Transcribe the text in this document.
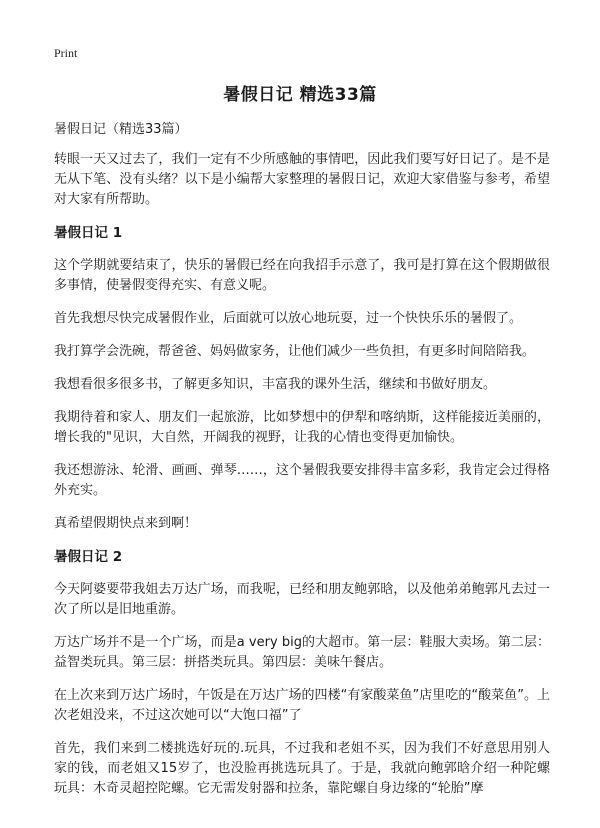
Print
暑假日记 精选33篇

暑假日记（精选33篇）

转眼一天又过去了，我们一定有不少所感触的事情吧，因此我们要写好日记了。是不是无从下笔、没有头绪？以下是小编帮大家整理的暑假日记，欢迎大家借鉴与参考，希望对大家有所帮助。

暑假日记 1

这个学期就要结束了，快乐的暑假已经在向我招手示意了，我可是打算在这个假期做很多事情，使暑假变得充实、有意义呢。

首先我想尽快完成暑假作业，后面就可以放心地玩耍，过一个快快乐乐的暑假了。

我打算学会洗碗，帮爸爸、妈妈做家务，让他们减少一些负担，有更多时间陪陪我。

我想看很多很多书，了解更多知识，丰富我的课外生活，继续和书做好朋友。

我期待着和家人、朋友们一起旅游，比如梦想中的伊犁和喀纳斯，这样能接近美丽的，增长我的"见识，大自然，开阔我的视野，让我的心情也变得更加愉快。

我还想游泳、轮滑、画画、弹琴……，这个暑假我要安排得丰富多彩，我肯定会过得格外充实。

真希望假期快点来到啊！

暑假日记 2

今天阿婆要带我姐去万达广场，而我呢，已经和朋友鲍郭晗，以及他弟弟鲍郭凡去过一次了所以是旧地重游。

万达广场并不是一个广场，而是a very big的大超市。第一层：鞋服大卖场。第二层：益智类玩具。第三层：拼搭类玩具。第四层：美味午餐店。

在上次来到万达广场时，午饭是在万达广场的四楼“有家酸菜鱼”店里吃的“酸菜鱼”。上次老姐没来，不过这次她可以“大饱口福”了

首先，我们来到二楼挑选好玩的.玩具，不过我和老姐不买，因为我们不好意思用别人家的钱，而老姐又15岁了，也没脸再挑选玩具了。于是，我就向鲍郭晗介绍一种陀螺玩具：木奇灵超控陀螺。它无需发射器和拉条，靠陀螺自身边缘的“轮胎”摩
